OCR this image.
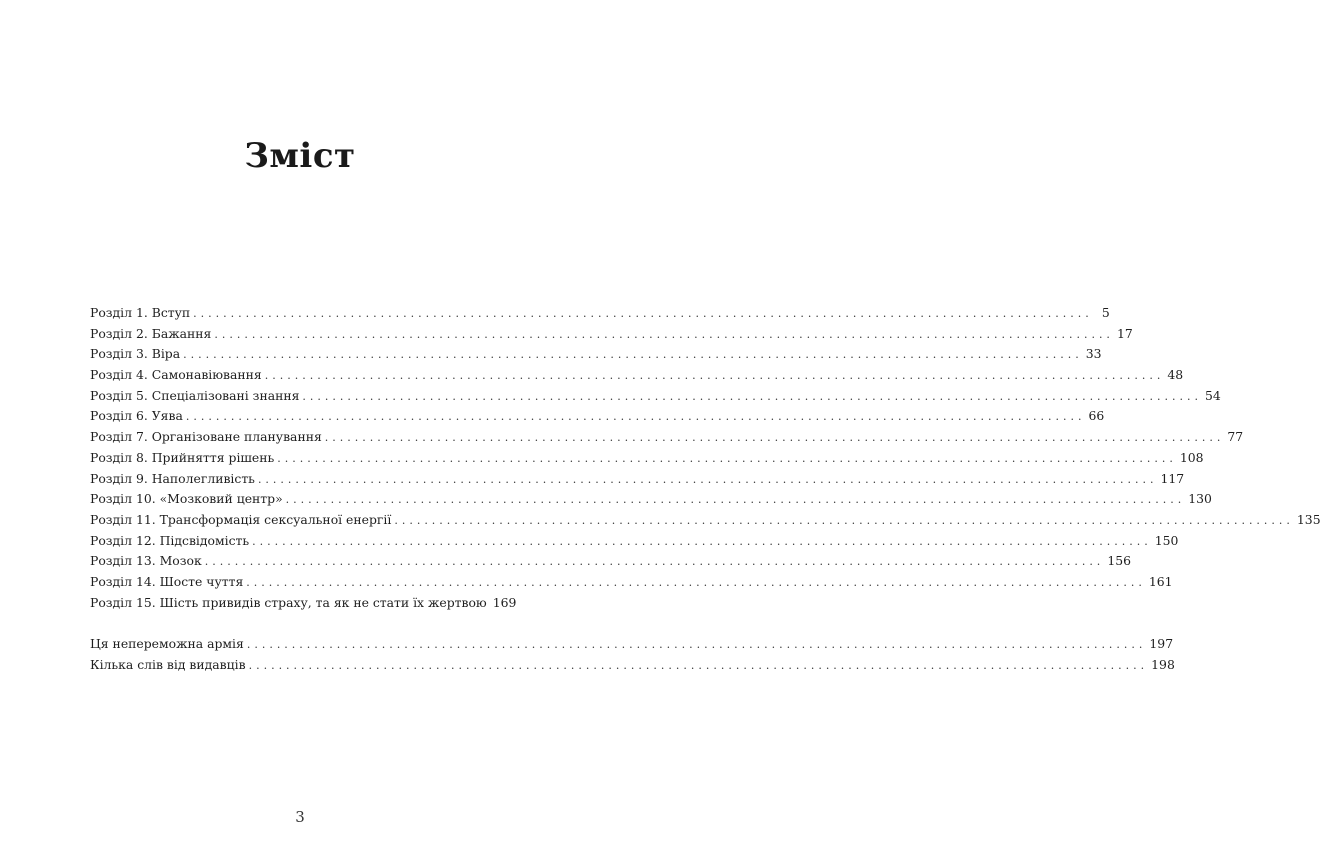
Зміст
Розділ 1. Вступ ........................................................................................................................ 5
Розділ 2. Бажання ........................................................................................................................ 17
Розділ 3. Віра ........................................................................................................................ 33
Розділ 4. Самонавіювання ........................................................................................................................ 48
Розділ 5. Спеціалізовані знання ........................................................................................................................ 54
Розділ 6. Уява ........................................................................................................................ 66
Розділ 7. Організоване планування ........................................................................................................................ 77
Розділ 8. Прийняття рішень ........................................................................................................................ 108
Розділ 9. Наполегливість ........................................................................................................................ 117
Розділ 10. «Мозковий центр» ........................................................................................................................ 130
Розділ 11. Трансформація сексуальної енергії ........................................................................................................................ 135
Розділ 12. Підсвідомість ........................................................................................................................ 150
Розділ 13. Мозок ........................................................................................................................ 156
Розділ 14. Шосте чуття ........................................................................................................................ 161
Розділ 15. Шість привидів страху, та як не стати їх жертвою 169
Ця непереможна армія ........................................................................................................................ 197
Кілька слів від видавців ........................................................................................................................ 198
3
